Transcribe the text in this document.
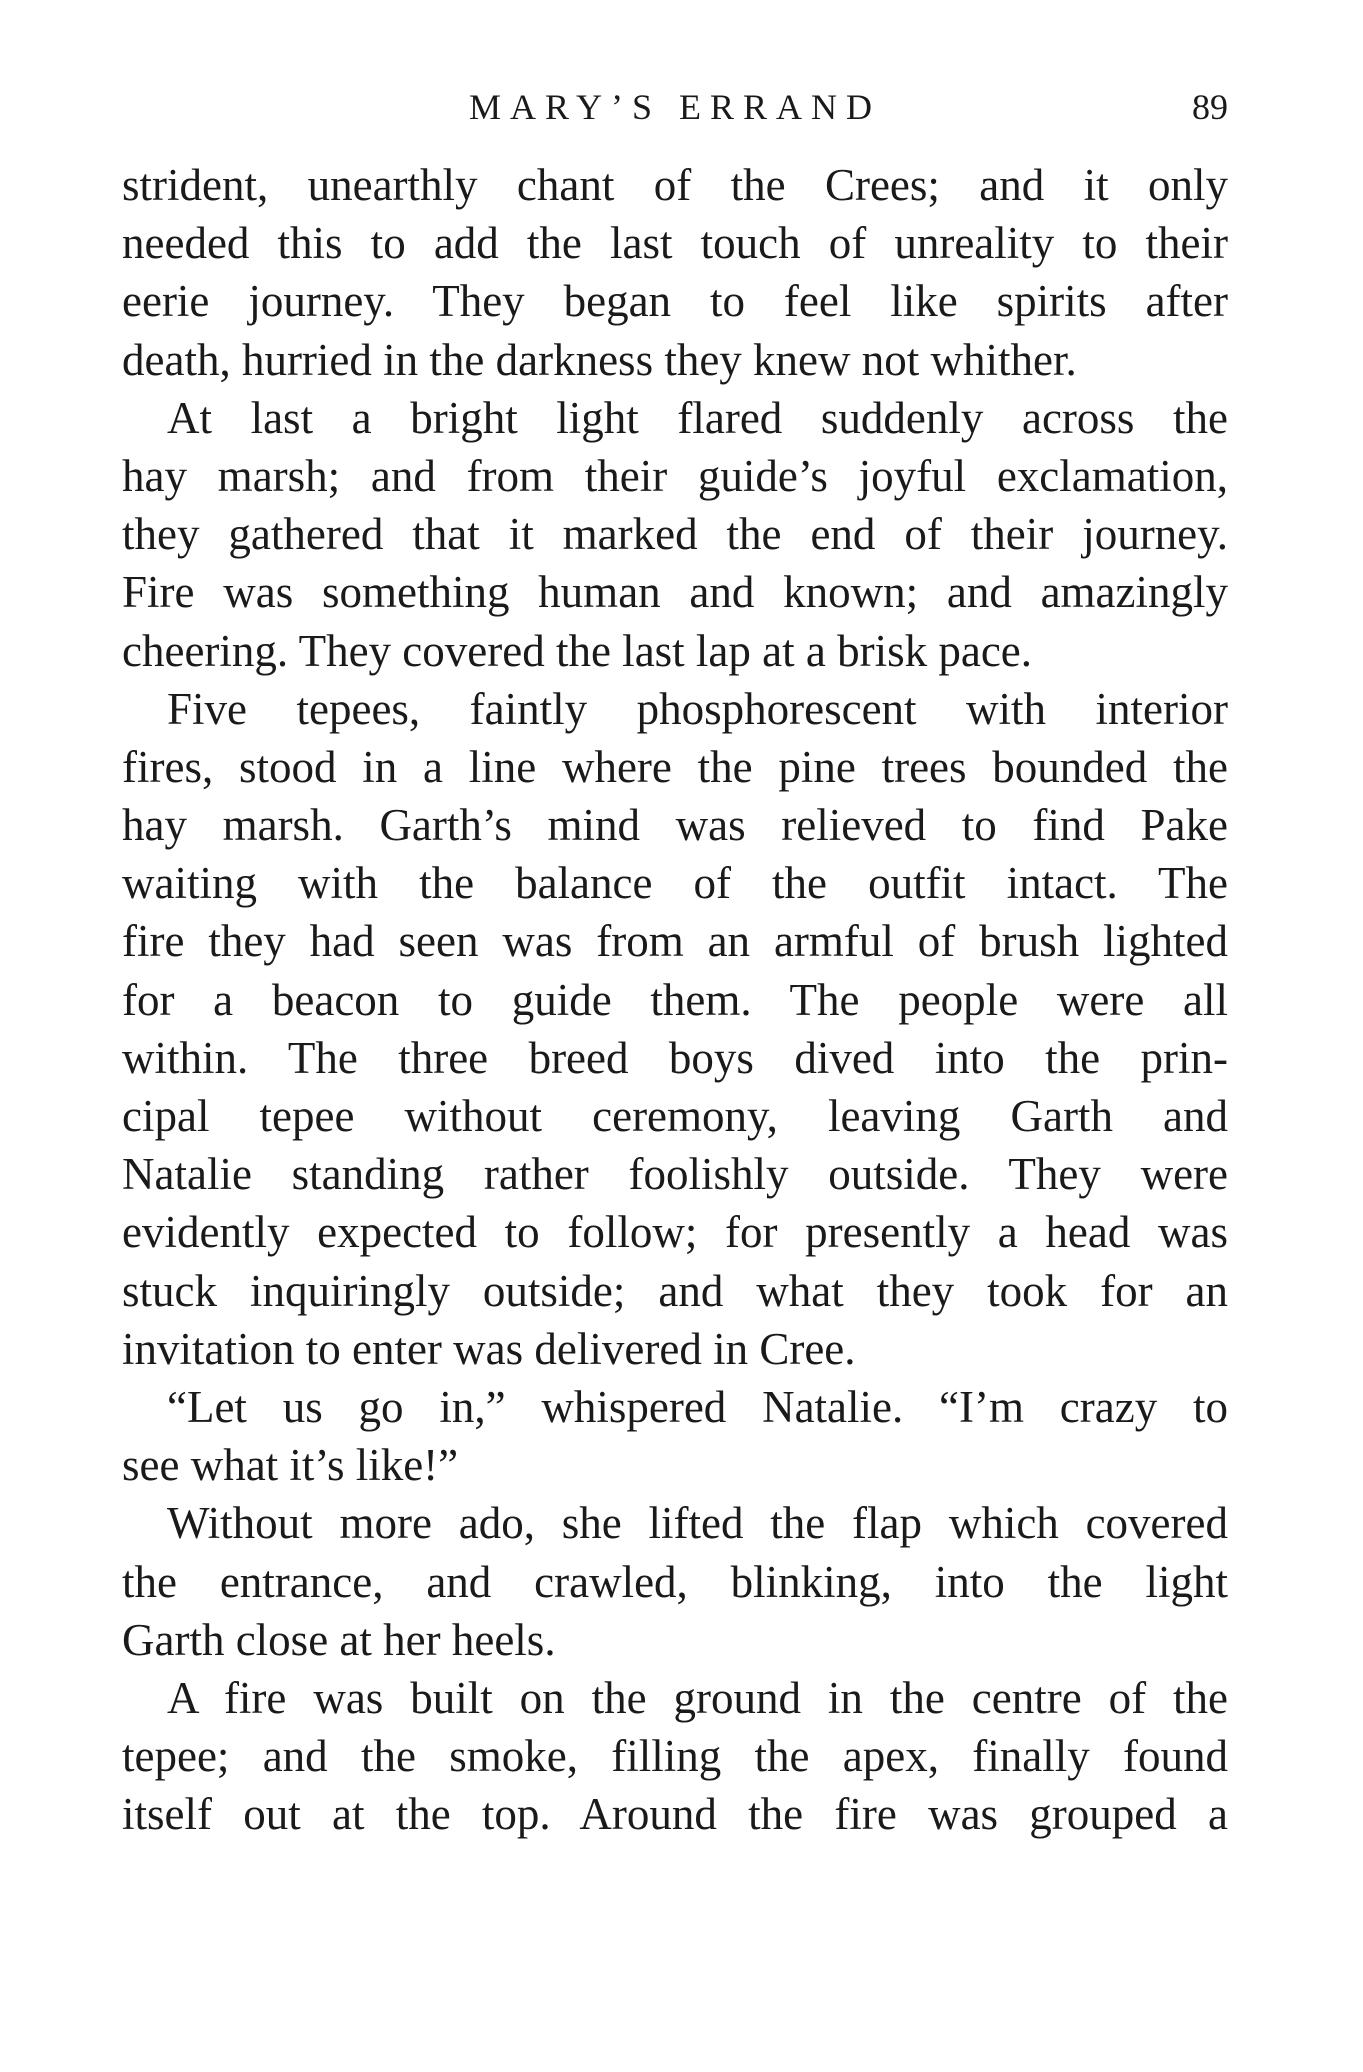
MARY’S ERRAND	89
strident, unearthly chant of the Crees; and it only
needed this to add the last touch of unreality to their
eerie journey. They began to feel like spirits after
death, hurried in the darkness they knew not whither.
At last a bright light flared suddenly across the
hay marsh; and from their guide’s joyful exclamation,
they gathered that it marked the end of their journey.
Fire was something human and known; and amazingly
cheering. They covered the last lap at a brisk pace.
Five tepees, faintly phosphorescent with interior
fires, stood in a line where the pine trees bounded the
hay marsh. Garth’s mind was relieved to find Pake
waiting with the balance of the outfit intact. The
fire they had seen was from an armful of brush lighted
for a beacon to guide them. The people were all
within. The three breed boys dived into the prin-
cipal tepee without ceremony, leaving Garth and
Natalie standing rather foolishly outside. They were
evidently expected to follow; for presently a head was
stuck inquiringly outside; and what they took for an
invitation to enter was delivered in Cree.
“Let us go in,” whispered Natalie. “I’m crazy to
see what it’s like!”
Without more ado, she lifted the flap which covered
the entrance, and crawled, blinking, into the light
Garth close at her heels.
A fire was built on the ground in the centre of the
tepee; and the smoke, filling the apex, finally found
itself out at the top. Around the fire was grouped a
